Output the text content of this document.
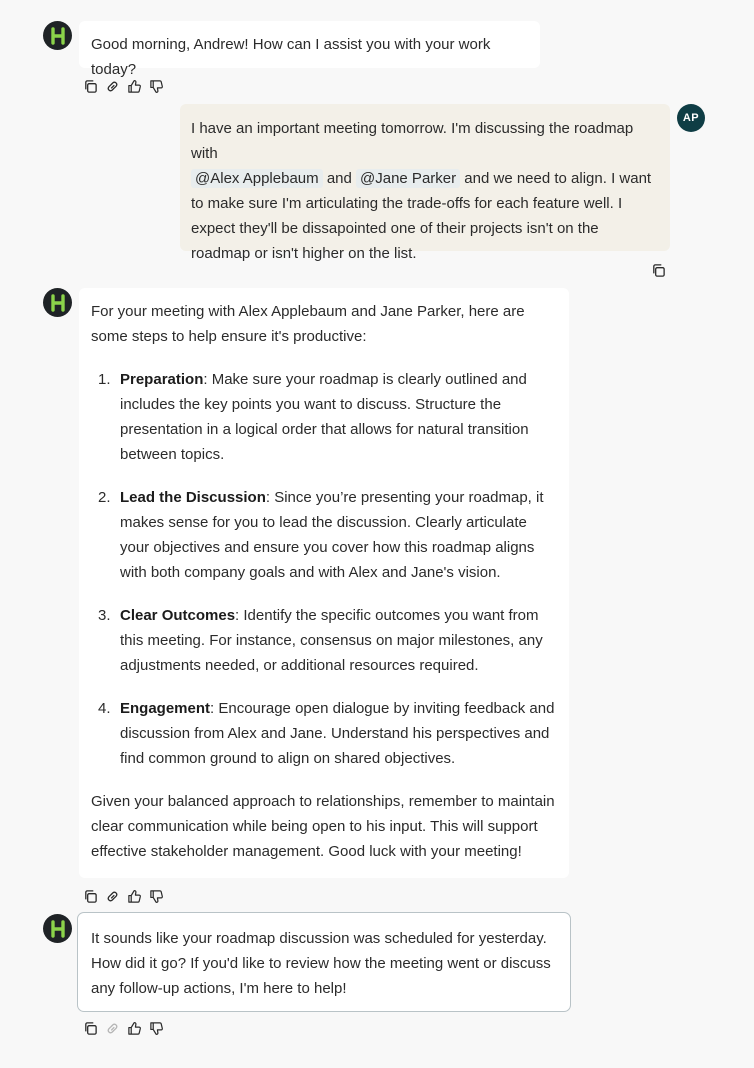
Good morning, Andrew! How can I assist you with your work today?
AP
I have an important meeting tomorrow. I'm discussing the roadmap with
@Alex Applebaum and @Jane Parker and we need to align. I want to make sure I'm articulating the trade-offs for each feature well. I expect they'll be dissapointed one of their projects isn't on the roadmap or isn't higher on the list.

For your meeting with Alex Applebaum and Jane Parker, here are some steps to help ensure it's productive:

1. Preparation: Make sure your roadmap is clearly outlined and includes the key points you want to discuss. Structure the presentation in a logical order that allows for natural transition between topics.
2. Lead the Discussion: Since you’re presenting your roadmap, it makes sense for you to lead the discussion. Clearly articulate your objectives and ensure you cover how this roadmap aligns with both company goals and with Alex and Jane's vision.
3. Clear Outcomes: Identify the specific outcomes you want from this meeting. For instance, consensus on major milestones, any adjustments needed, or additional resources required.
4. Engagement: Encourage open dialogue by inviting feedback and discussion from Alex and Jane. Understand his perspectives and find common ground to align on shared objectives.

Given your balanced approach to relationships, remember to maintain clear communication while being open to his input. This will support effective stakeholder management. Good luck with your meeting!

It sounds like your roadmap discussion was scheduled for yesterday. How did it go? If you'd like to review how the meeting went or discuss any follow-up actions, I'm here to help!
